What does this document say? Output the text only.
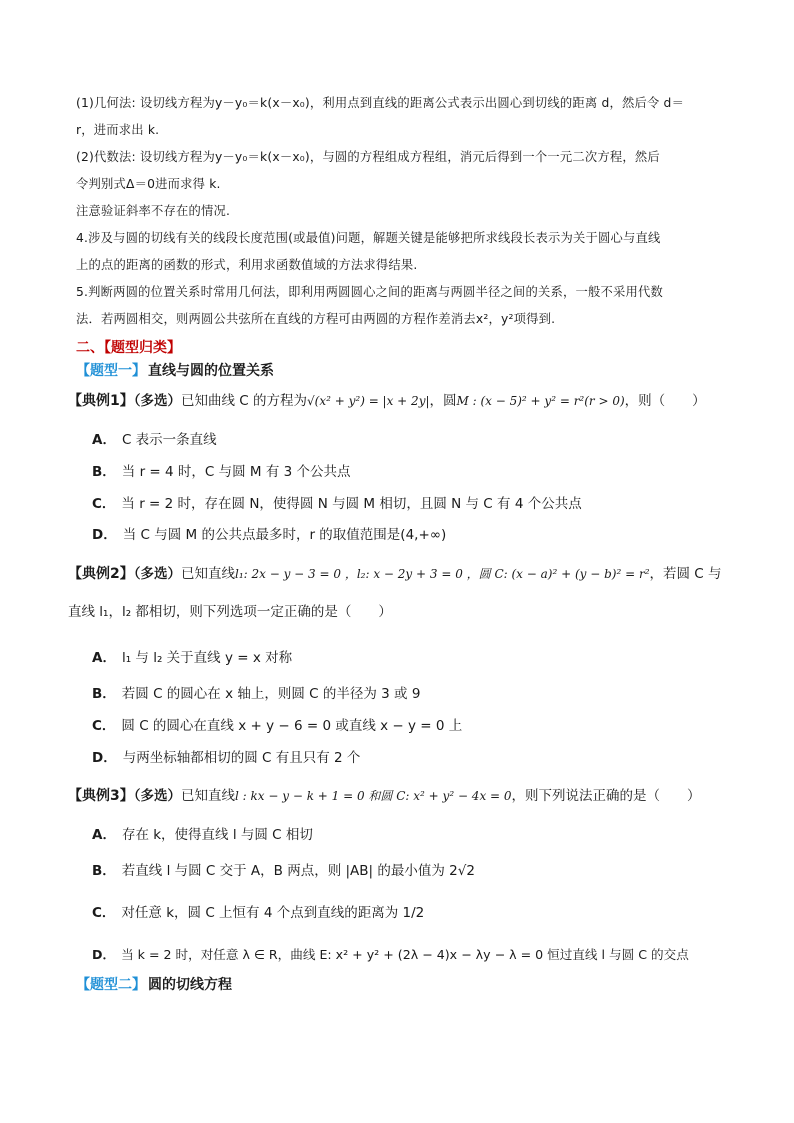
(1)几何法: 设切线方程为y－y₀＝k(x－x₀)，利用点到直线的距离公式表示出圆心到切线的距离 d，然后令 d＝
r，进而求出 k.
(2)代数法: 设切线方程为y－y₀＝k(x－x₀)，与圆的方程组成方程组，消元后得到一个一元二次方程，然后
令判别式Δ＝0进而求得 k.
注意验证斜率不存在的情况.
4.涉及与圆的切线有关的线段长度范围(或最值)问题，解题关键是能够把所求线段长表示为关于圆心与直线
上的点的距离的函数的形式，利用求函数值域的方法求得结果.
5.判断两圆的位置关系时常用几何法，即利用两圆圆心之间的距离与两圆半径之间的关系，一般不采用代数
法．若两圆相交，则两圆公共弦所在直线的方程可由两圆的方程作差消去x²，y²项得到.
二、【题型归类】
【题型一】 直线与圆的位置关系
【典例1】（多选）已知曲线 C 的方程为√(x² + y²) = |x + 2y|，圆M : (x − 5)² + y² = r²(r > 0)，则（　　）
A． C 表示一条直线
B． 当 r = 4 时，C 与圆 M 有 3 个公共点
C． 当 r = 2 时，存在圆 N，使得圆 N 与圆 M 相切，且圆 N 与 C 有 4 个公共点
D． 当 C 与圆 M 的公共点最多时，r 的取值范围是(4,+∞)
【典例2】（多选）已知直线l₁: 2x − y − 3 = 0 ，l₂: x − 2y + 3 = 0 ，圆 C: (x − a)² + (y − b)² = r²，若圆 C 与
直线 l₁，l₂ 都相切，则下列选项一定正确的是（　　）
A． l₁ 与 l₂ 关于直线 y = x 对称
B． 若圆 C 的圆心在 x 轴上，则圆 C 的半径为 3 或 9
C． 圆 C 的圆心在直线 x + y − 6 = 0 或直线 x − y = 0 上
D． 与两坐标轴都相切的圆 C 有且只有 2 个
【典例3】（多选）已知直线l : kx − y − k + 1 = 0 和圆 C: x² + y² − 4x = 0，则下列说法正确的是（　　）
A． 存在 k，使得直线 l 与圆 C 相切
B． 若直线 l 与圆 C 交于 A，B 两点，则 |AB| 的最小值为 2√2
C． 对任意 k，圆 C 上恒有 4 个点到直线的距离为 1/2
D． 当 k = 2 时，对任意 λ ∈ R，曲线 E: x² + y² + (2λ − 4)x − λy − λ = 0 恒过直线 l 与圆 C 的交点
【题型二】 圆的切线方程
